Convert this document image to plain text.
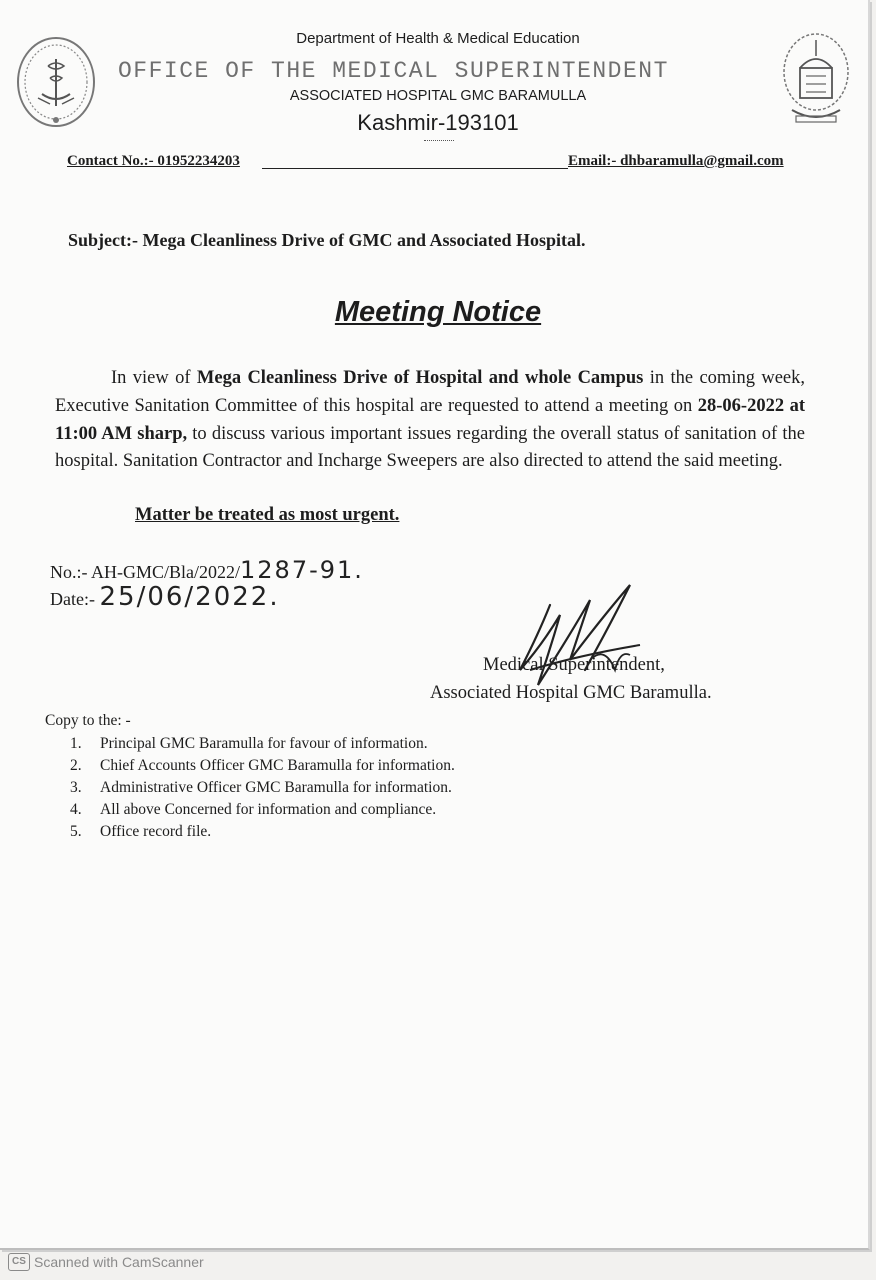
Department of Health & Medical Education
OFFICE OF THE MEDICAL SUPERINTENDENT
ASSOCIATED HOSPITAL GMC BARAMULLA
Kashmir-193101
Contact No.:- 01952234203	Email:- dhbaramulla@gmail.com
Subject:- Mega Cleanliness Drive of GMC and Associated Hospital.
Meeting Notice

In view of Mega Cleanliness Drive of Hospital and whole Campus in the coming week, Executive Sanitation Committee of this hospital are requested to attend a meeting on 28-06-2022 at 11:00 AM sharp, to discuss various important issues regarding the overall status of sanitation of the hospital. Sanitation Contractor and Incharge Sweepers are also directed to attend the said meeting.

Matter be treated as most urgent.
No.:- AH-GMC/Bla/2022/1287-91.
Date:- 25/06/2022.
Medical Superintendent,
Associated Hospital GMC Baramulla.
Copy to the: -
1. Principal GMC Baramulla for favour of information.
2. Chief Accounts Officer GMC Baramulla for information.
3. Administrative Officer GMC Baramulla for information.
4. All above Concerned for information and compliance.
5. Office record file.
CS Scanned with CamScanner
